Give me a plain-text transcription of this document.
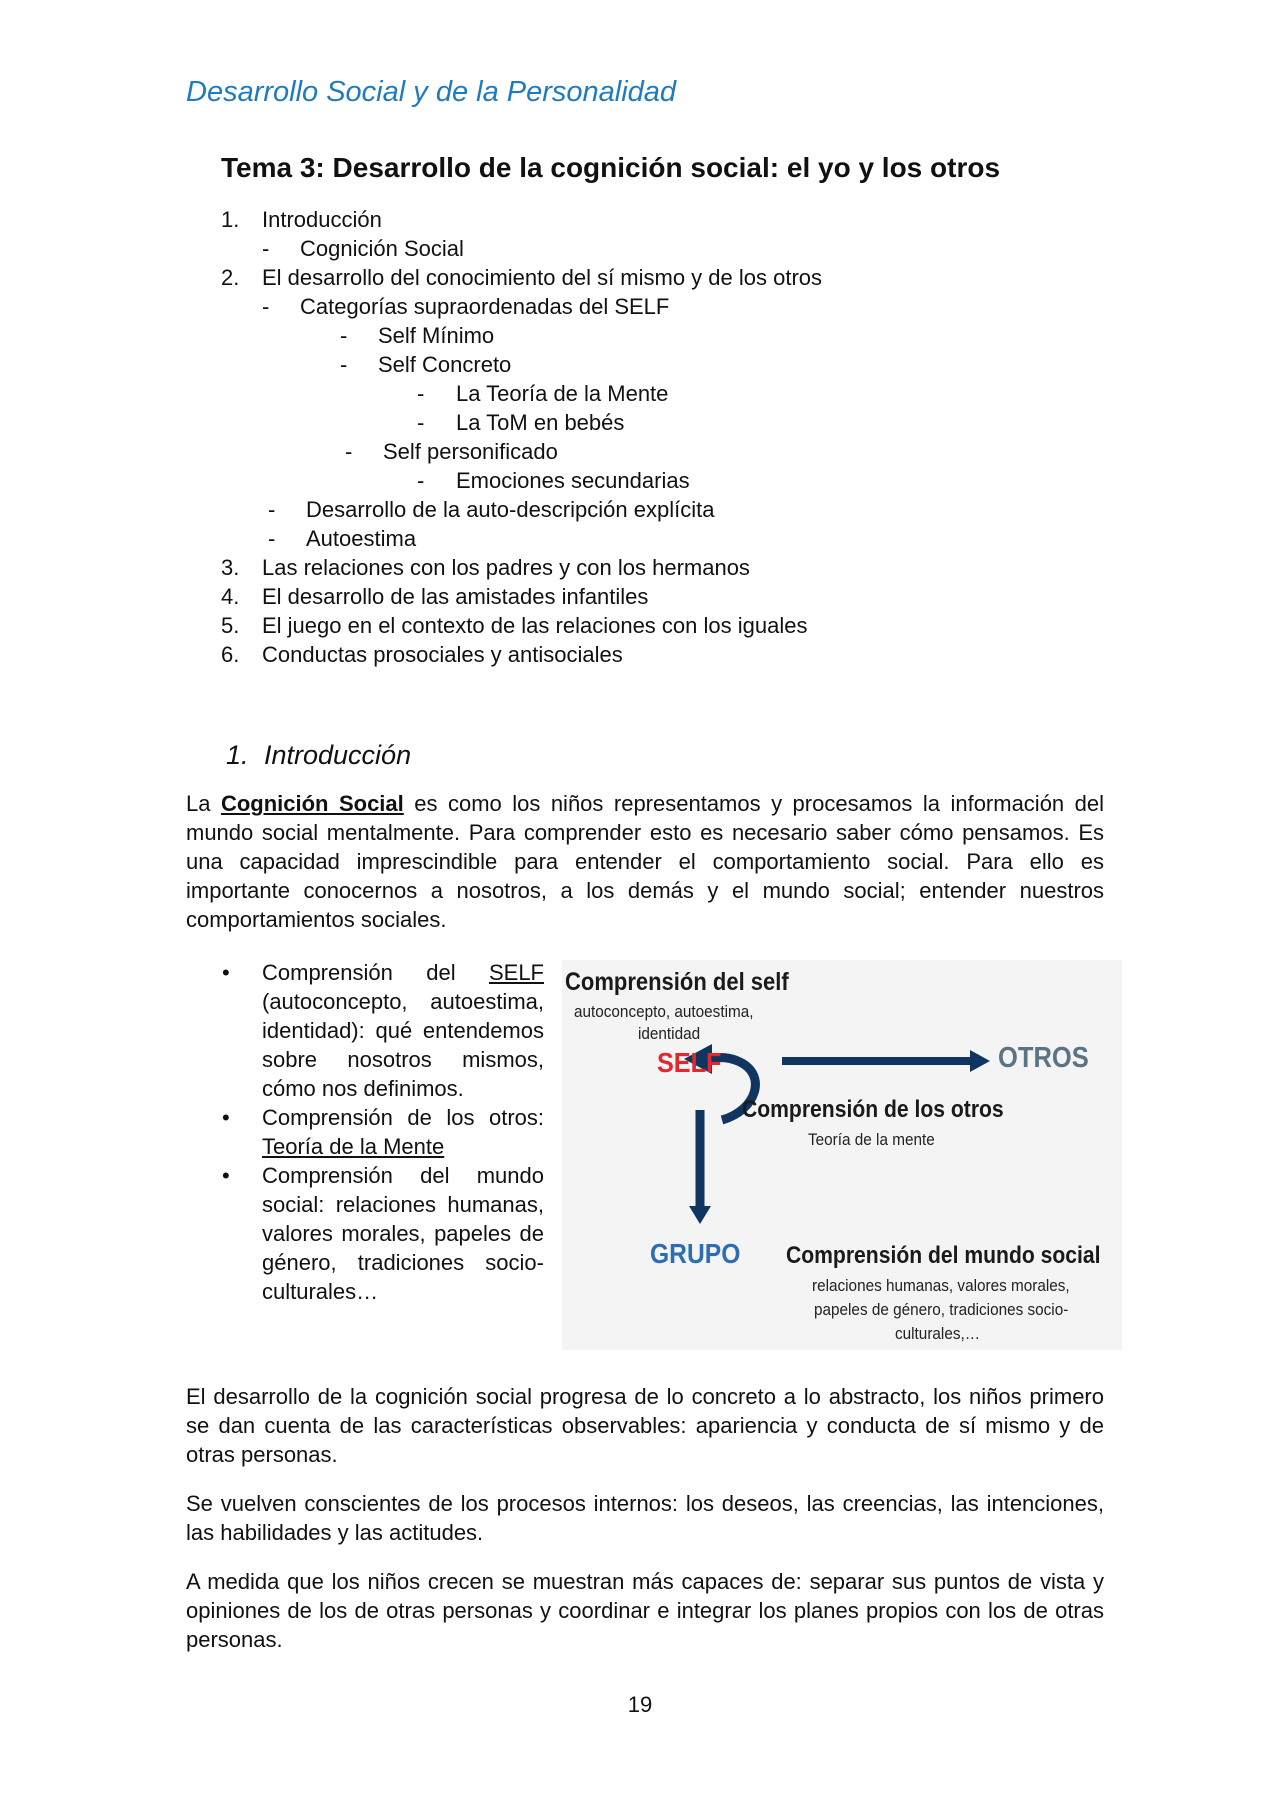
Desarrollo Social y de la Personalidad
Tema 3: Desarrollo de la cognición social: el yo y los otros
1. Introducción
- Cognición Social
2. El desarrollo del conocimiento del sí mismo y de los otros
- Categorías supraordenadas del SELF
- Self Mínimo
- Self Concreto
- La Teoría de la Mente
- La ToM en bebés
- Self personificado
- Emociones secundarias
- Desarrollo de la auto-descripción explícita
- Autoestima
3. Las relaciones con los padres y con los hermanos
4. El desarrollo de las amistades infantiles
5. El juego en el contexto de las relaciones con los iguales
6. Conductas prosociales y antisociales
1. Introducción
La Cognición Social es como los niños representamos y procesamos la información del mundo social mentalmente. Para comprender esto es necesario saber cómo pensamos. Es una capacidad imprescindible para entender el comportamiento social. Para ello es importante conocernos a nosotros, a los demás y el mundo social; entender nuestros comportamientos sociales.
• Comprensión del SELF (autoconcepto, autoestima, identidad): qué entendemos sobre nosotros mismos, cómo nos definimos.
• Comprensión de los otros: Teoría de la Mente
• Comprensión del mundo social: relaciones humanas, valores morales, papeles de género, tradiciones socio-culturales…
Comprensión del self
autoconcepto, autoestima,
identidad
SELF	OTROS
Comprensión de los otros
Teoría de la mente
GRUPO Comprensión del mundo social
relaciones humanas, valores morales,
papeles de género, tradiciones socio-
culturales,…
El desarrollo de la cognición social progresa de lo concreto a lo abstracto, los niños primero se dan cuenta de las características observables: apariencia y conducta de sí mismo y de otras personas.
Se vuelven conscientes de los procesos internos: los deseos, las creencias, las intenciones, las habilidades y las actitudes.
A medida que los niños crecen se muestran más capaces de: separar sus puntos de vista y opiniones de los de otras personas y coordinar e integrar los planes propios con los de otras personas.
19
